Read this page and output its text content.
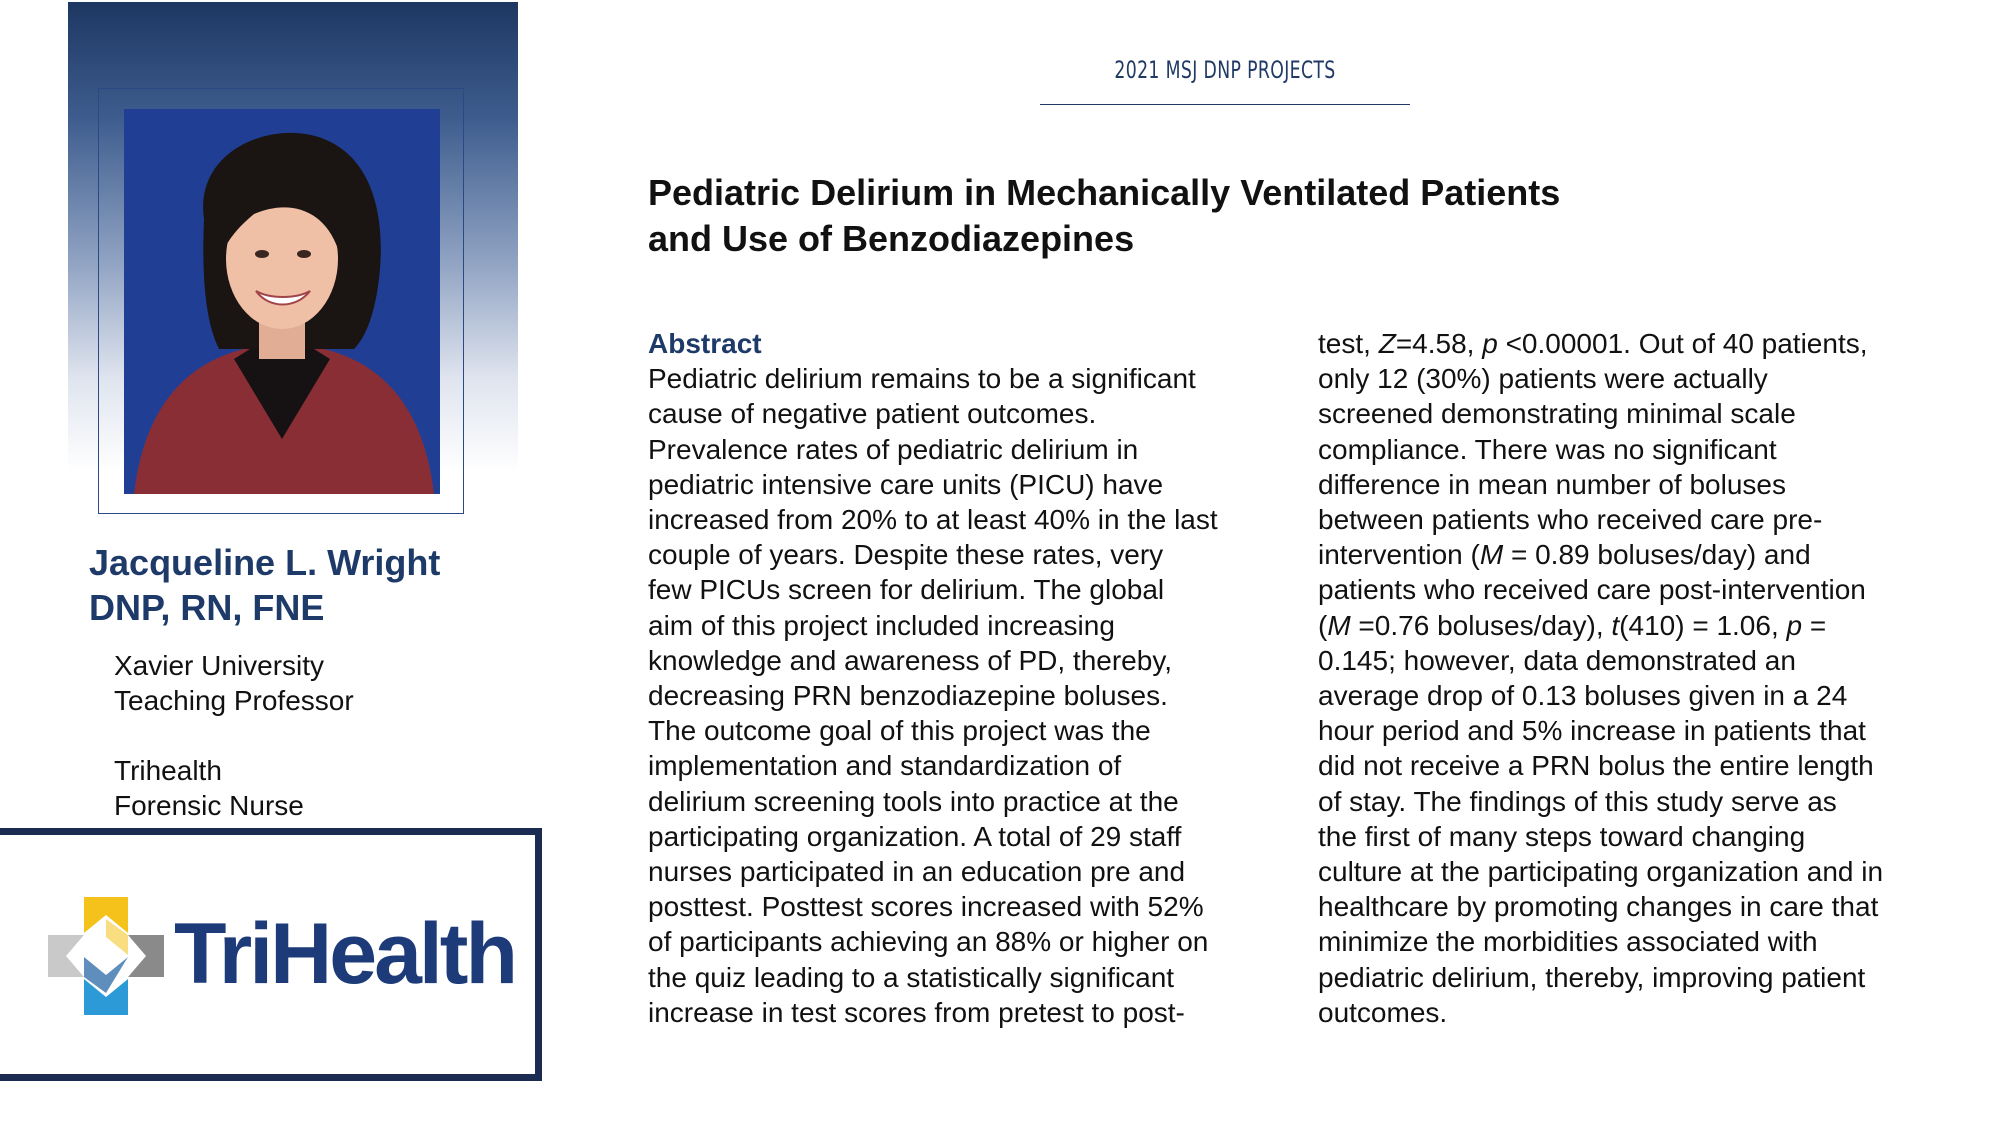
2021 MSJ DNP PROJECTS
Pediatric Delirium in Mechanically Ventilated Patients
and Use of Benzodiazepines
Jacqueline L. Wright
DNP, RN, FNE
Xavier University
Teaching Professor
Trihealth
Forensic Nurse
TriHealth
Abstract
Pediatric delirium remains to be a significant
cause of negative patient outcomes.
Prevalence rates of pediatric delirium in
pediatric intensive care units (PICU) have
increased from 20% to at least 40% in the last
couple of years. Despite these rates, very
few PICUs screen for delirium. The global
aim of this project included increasing
knowledge and awareness of PD, thereby,
decreasing PRN benzodiazepine boluses.
The outcome goal of this project was the
implementation and standardization of
delirium screening tools into practice at the
participating organization. A total of 29 staff
nurses participated in an education pre and
posttest. Posttest scores increased with 52%
of participants achieving an 88% or higher on
the quiz leading to a statistically significant
increase in test scores from pretest to post-
test, Z=4.58, p <0.00001. Out of 40 patients,
only 12 (30%) patients were actually
screened demonstrating minimal scale
compliance. There was no significant
difference in mean number of boluses
between patients who received care pre-
intervention (M = 0.89 boluses/day) and
patients who received care post-intervention
(M =0.76 boluses/day), t(410) = 1.06, p =
0.145; however, data demonstrated an
average drop of 0.13 boluses given in a 24
hour period and 5% increase in patients that
did not receive a PRN bolus the entire length
of stay. The findings of this study serve as
the first of many steps toward changing
culture at the participating organization and in
healthcare by promoting changes in care that
minimize the morbidities associated with
pediatric delirium, thereby, improving patient
outcomes.
